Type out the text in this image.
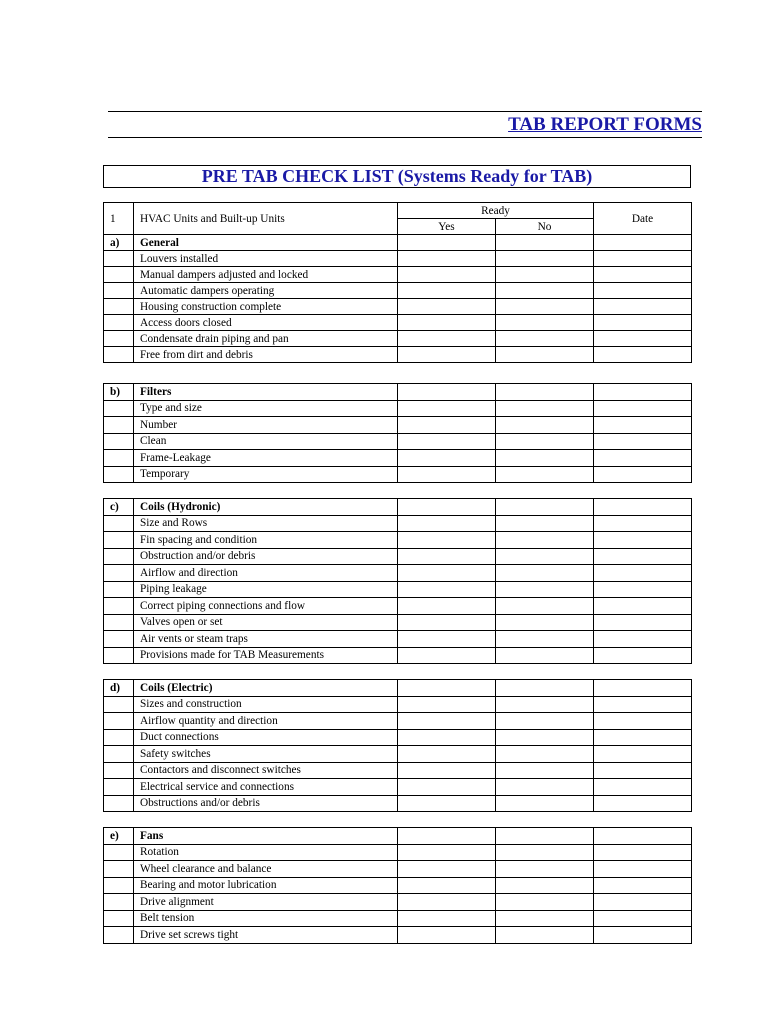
TAB REPORT FORMS
PRE TAB CHECK LIST (Systems Ready for TAB)
1	HVAC Units and Built-up Units	Ready		Date
		Yes	No	
a)	General			
	Louvers installed			
	Manual dampers adjusted and locked			
	Automatic dampers operating			
	Housing construction complete			
	Access doors closed			
	Condensate drain piping and pan			
	Free from dirt and debris			
b)	Filters			
	Type and size			
	Number			
	Clean			
	Frame-Leakage			
	Temporary			
c)	Coils (Hydronic)			
	Size and Rows			
	Fin spacing and condition			
	Obstruction and/or debris			
	Airflow and direction			
	Piping leakage			
	Correct piping connections and flow			
	Valves open or set			
	Air vents or steam traps			
	Provisions made for TAB Measurements			
d)	Coils (Electric)			
	Sizes and construction			
	Airflow quantity and direction			
	Duct connections			
	Safety switches			
	Contactors and disconnect switches			
	Electrical service and connections			
	Obstructions and/or debris			
e)	Fans			
	Rotation			
	Wheel clearance and balance			
	Bearing and motor lubrication			
	Drive alignment			
	Belt tension			
	Drive set screws tight			
